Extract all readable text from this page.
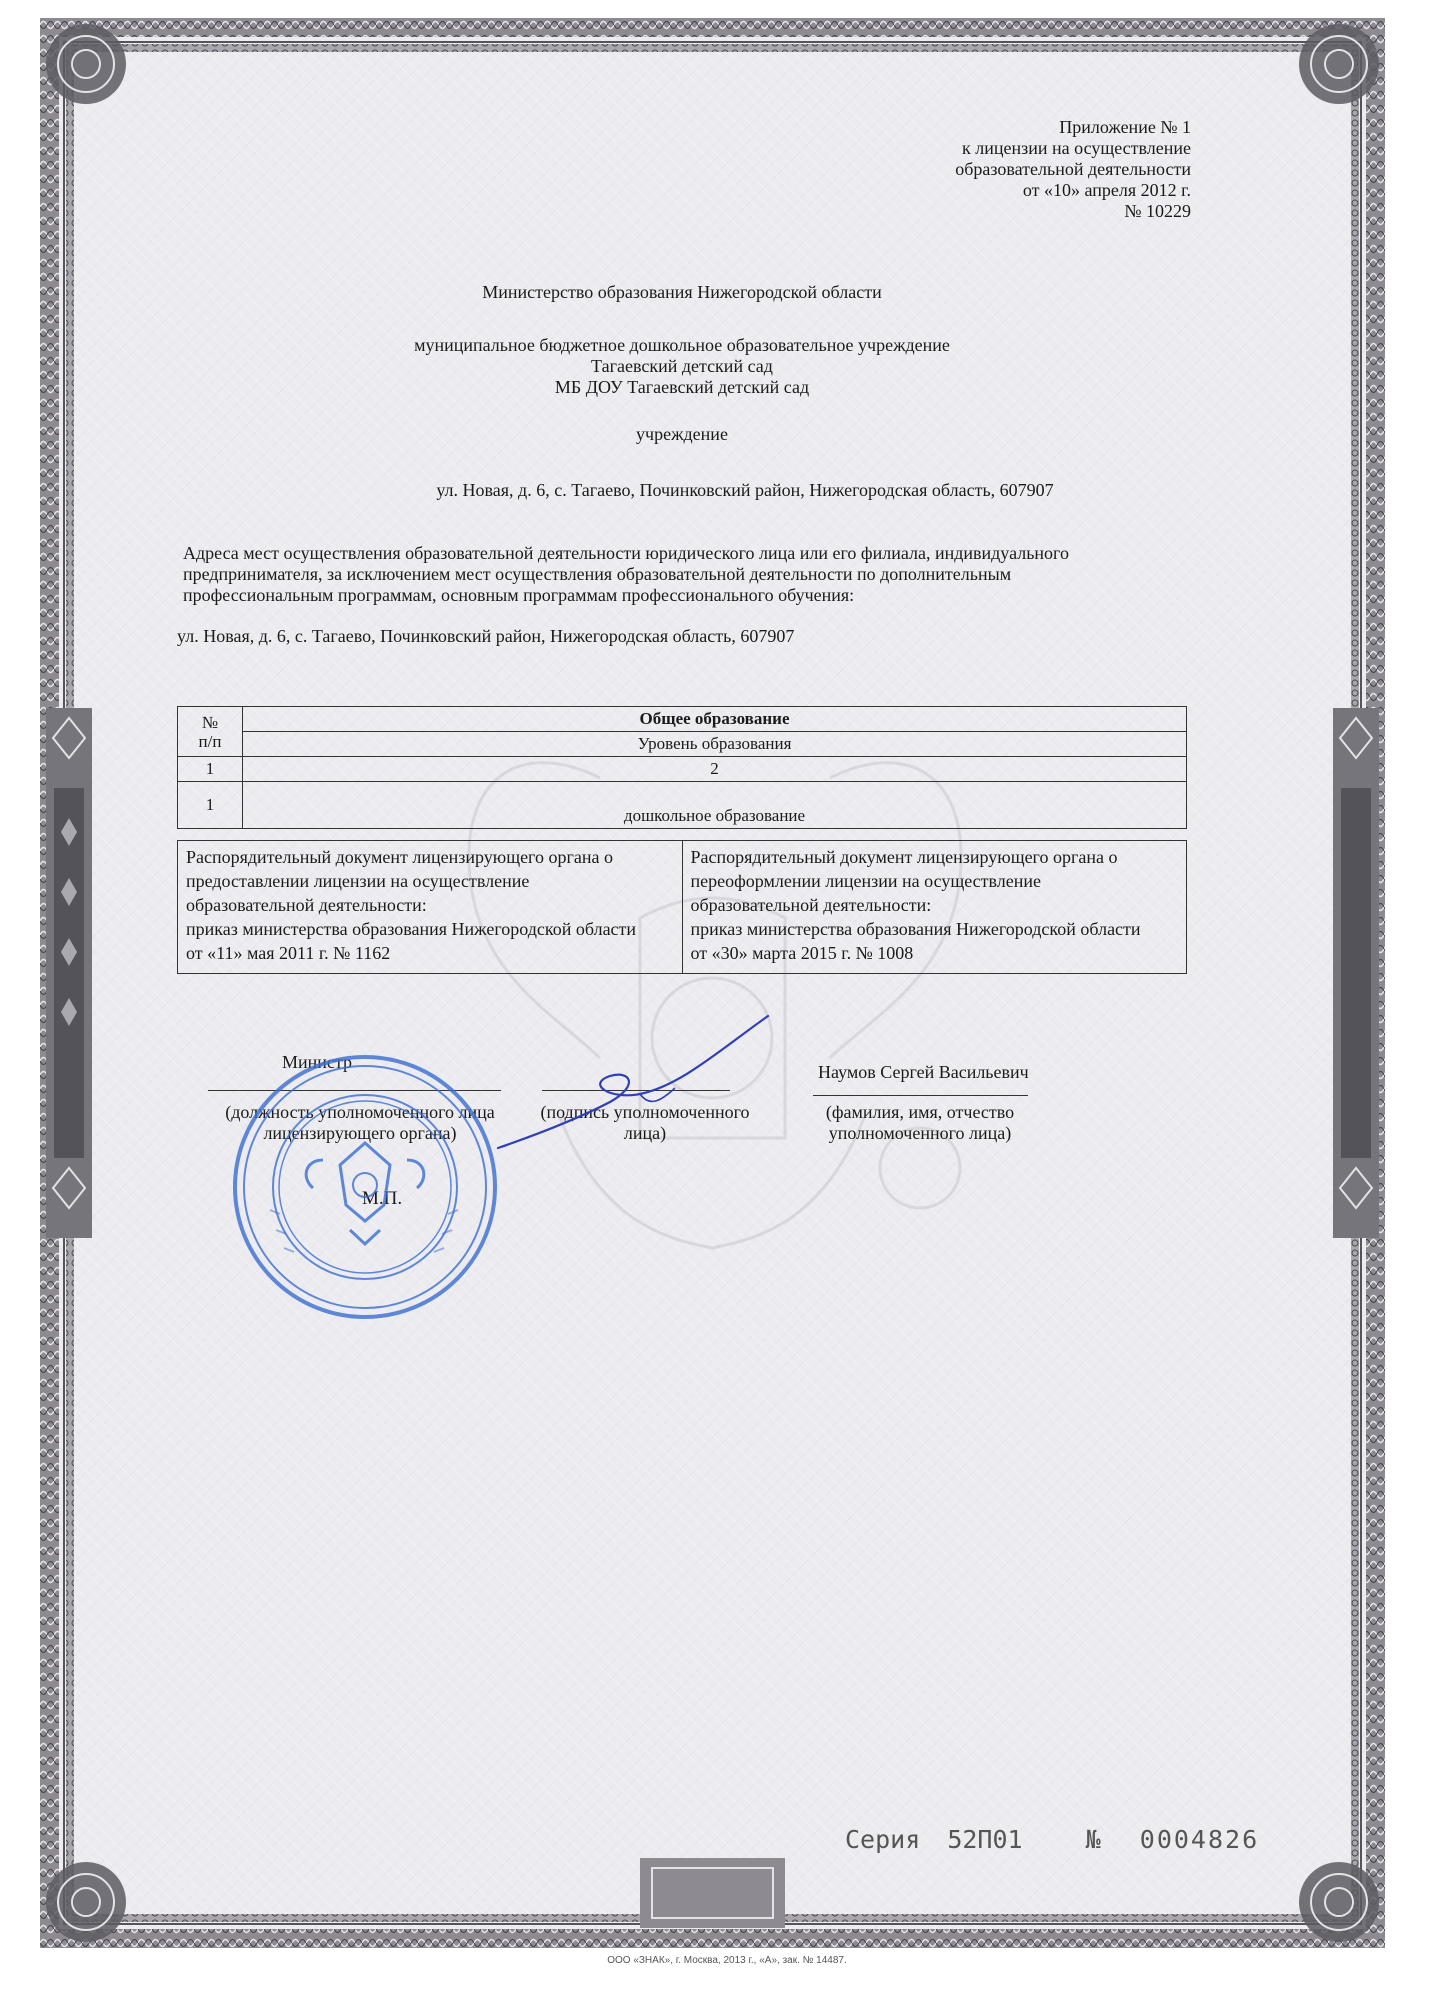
Приложение № 1
к лицензии на осуществление
образовательной деятельности
от «10» апреля 2012 г.
№ 10229
Министерство образования Нижегородской области
муниципальное бюджетное дошкольное образовательное учреждение
Тагаевский детский сад
МБ ДОУ Тагаевский детский сад
учреждение
ул. Новая, д. 6, с. Тагаево, Починковский район, Нижегородская область, 607907
Адреса мест осуществления образовательной деятельности юридического лица или его филиала, индивидуального
предпринимателя, за исключением мест осуществления образовательной деятельности по дополнительным
профессиональным программам, основным программам профессионального обучения:
ул. Новая, д. 6, с. Тагаево, Починковский район, Нижегородская область, 607907
№
п/п	Общее образование
	Уровень образования
1	2
1	дошкольное образование
Распорядительный документ лицензирующего органа о
предоставлении лицензии на осуществление
образовательной деятельности:
приказ министерства образования Нижегородской области
от «11» мая 2011 г. № 1162

Распорядительный документ лицензирующего органа о
переоформлении лицензии на осуществление
образовательной деятельности:
приказ министерства образования Нижегородской области
от «30» марта 2015 г. № 1008
Министр	Наумов Сергей Васильевич
(должность уполномоченного лица
лицензирующего органа)
(подпись уполномоченного
лица)
(фамилия, имя, отчество
уполномоченного лица)
М.П.
Серия 52П01	№ 0004826
ООО «ЗНАК», г. Москва, 2013 г., «А», зак. № 14487.
